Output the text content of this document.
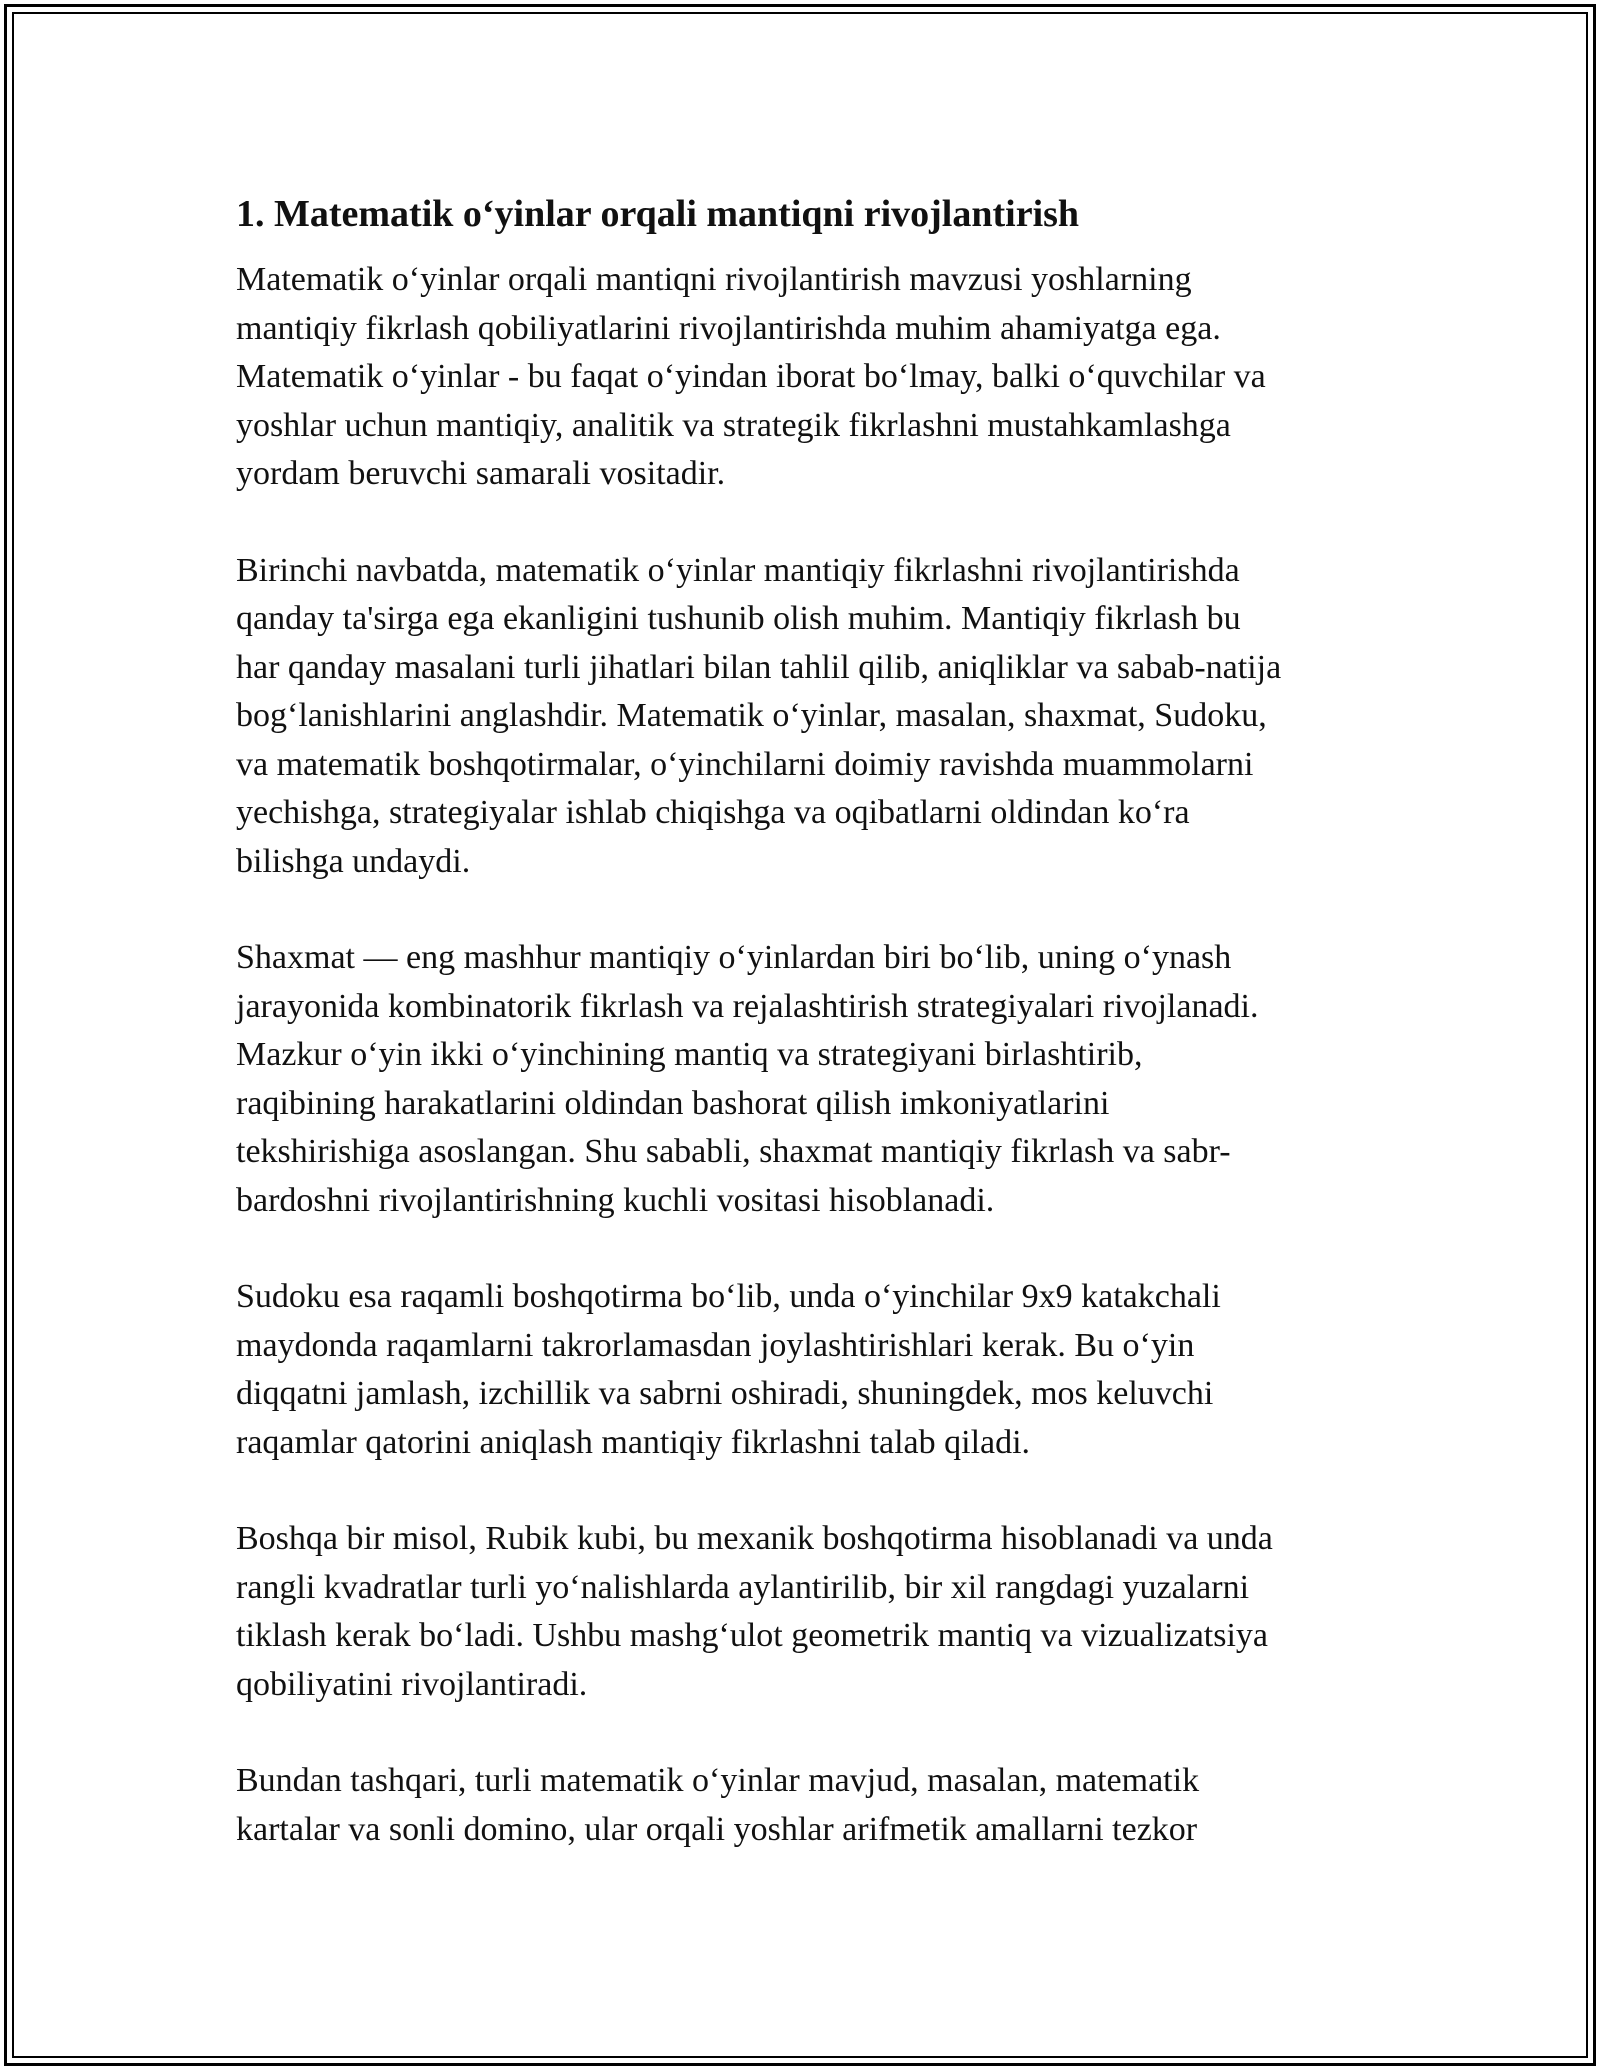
1. Matematik oʻyinlar orqali mantiqni rivojlantirish

Matematik oʻyinlar orqali mantiqni rivojlantirish mavzusi yoshlarning
mantiqiy fikrlash qobiliyatlarini rivojlantirishda muhim ahamiyatga ega.
Matematik oʻyinlar - bu faqat oʻyindan iborat boʻlmay, balki oʻquvchilar va
yoshlar uchun mantiqiy, analitik va strategik fikrlashni mustahkamlashga
yordam beruvchi samarali vositadir.

Birinchi navbatda, matematik oʻyinlar mantiqiy fikrlashni rivojlantirishda
qanday ta'sirga ega ekanligini tushunib olish muhim. Mantiqiy fikrlash bu
har qanday masalani turli jihatlari bilan tahlil qilib, aniqliklar va sabab-natija
bogʻlanishlarini anglashdir. Matematik oʻyinlar, masalan, shaxmat, Sudoku,
va matematik boshqotirmalar, oʻyinchilarni doimiy ravishda muammolarni
yechishga, strategiyalar ishlab chiqishga va oqibatlarni oldindan koʻra
bilishga undaydi.

Shaxmat — eng mashhur mantiqiy oʻyinlardan biri boʻlib, uning oʻynash
jarayonida kombinatorik fikrlash va rejalashtirish strategiyalari rivojlanadi.
Mazkur oʻyin ikki oʻyinchining mantiq va strategiyani birlashtirib,
raqibining harakatlarini oldindan bashorat qilish imkoniyatlarini
tekshirishiga asoslangan. Shu sababli, shaxmat mantiqiy fikrlash va sabr-
bardoshni rivojlantirishning kuchli vositasi hisoblanadi.

Sudoku esa raqamli boshqotirma boʻlib, unda oʻyinchilar 9x9 katakchali
maydonda raqamlarni takrorlamasdan joylashtirishlari kerak. Bu oʻyin
diqqatni jamlash, izchillik va sabrni oshiradi, shuningdek, mos keluvchi
raqamlar qatorini aniqlash mantiqiy fikrlashni talab qiladi.

Boshqa bir misol, Rubik kubi, bu mexanik boshqotirma hisoblanadi va unda
rangli kvadratlar turli yoʻnalishlarda aylantirilib, bir xil rangdagi yuzalarni
tiklash kerak boʻladi. Ushbu mashgʻulot geometrik mantiq va vizualizatsiya
qobiliyatini rivojlantiradi.

Bundan tashqari, turli matematik oʻyinlar mavjud, masalan, matematik
kartalar va sonli domino, ular orqali yoshlar arifmetik amallarni tezkor
